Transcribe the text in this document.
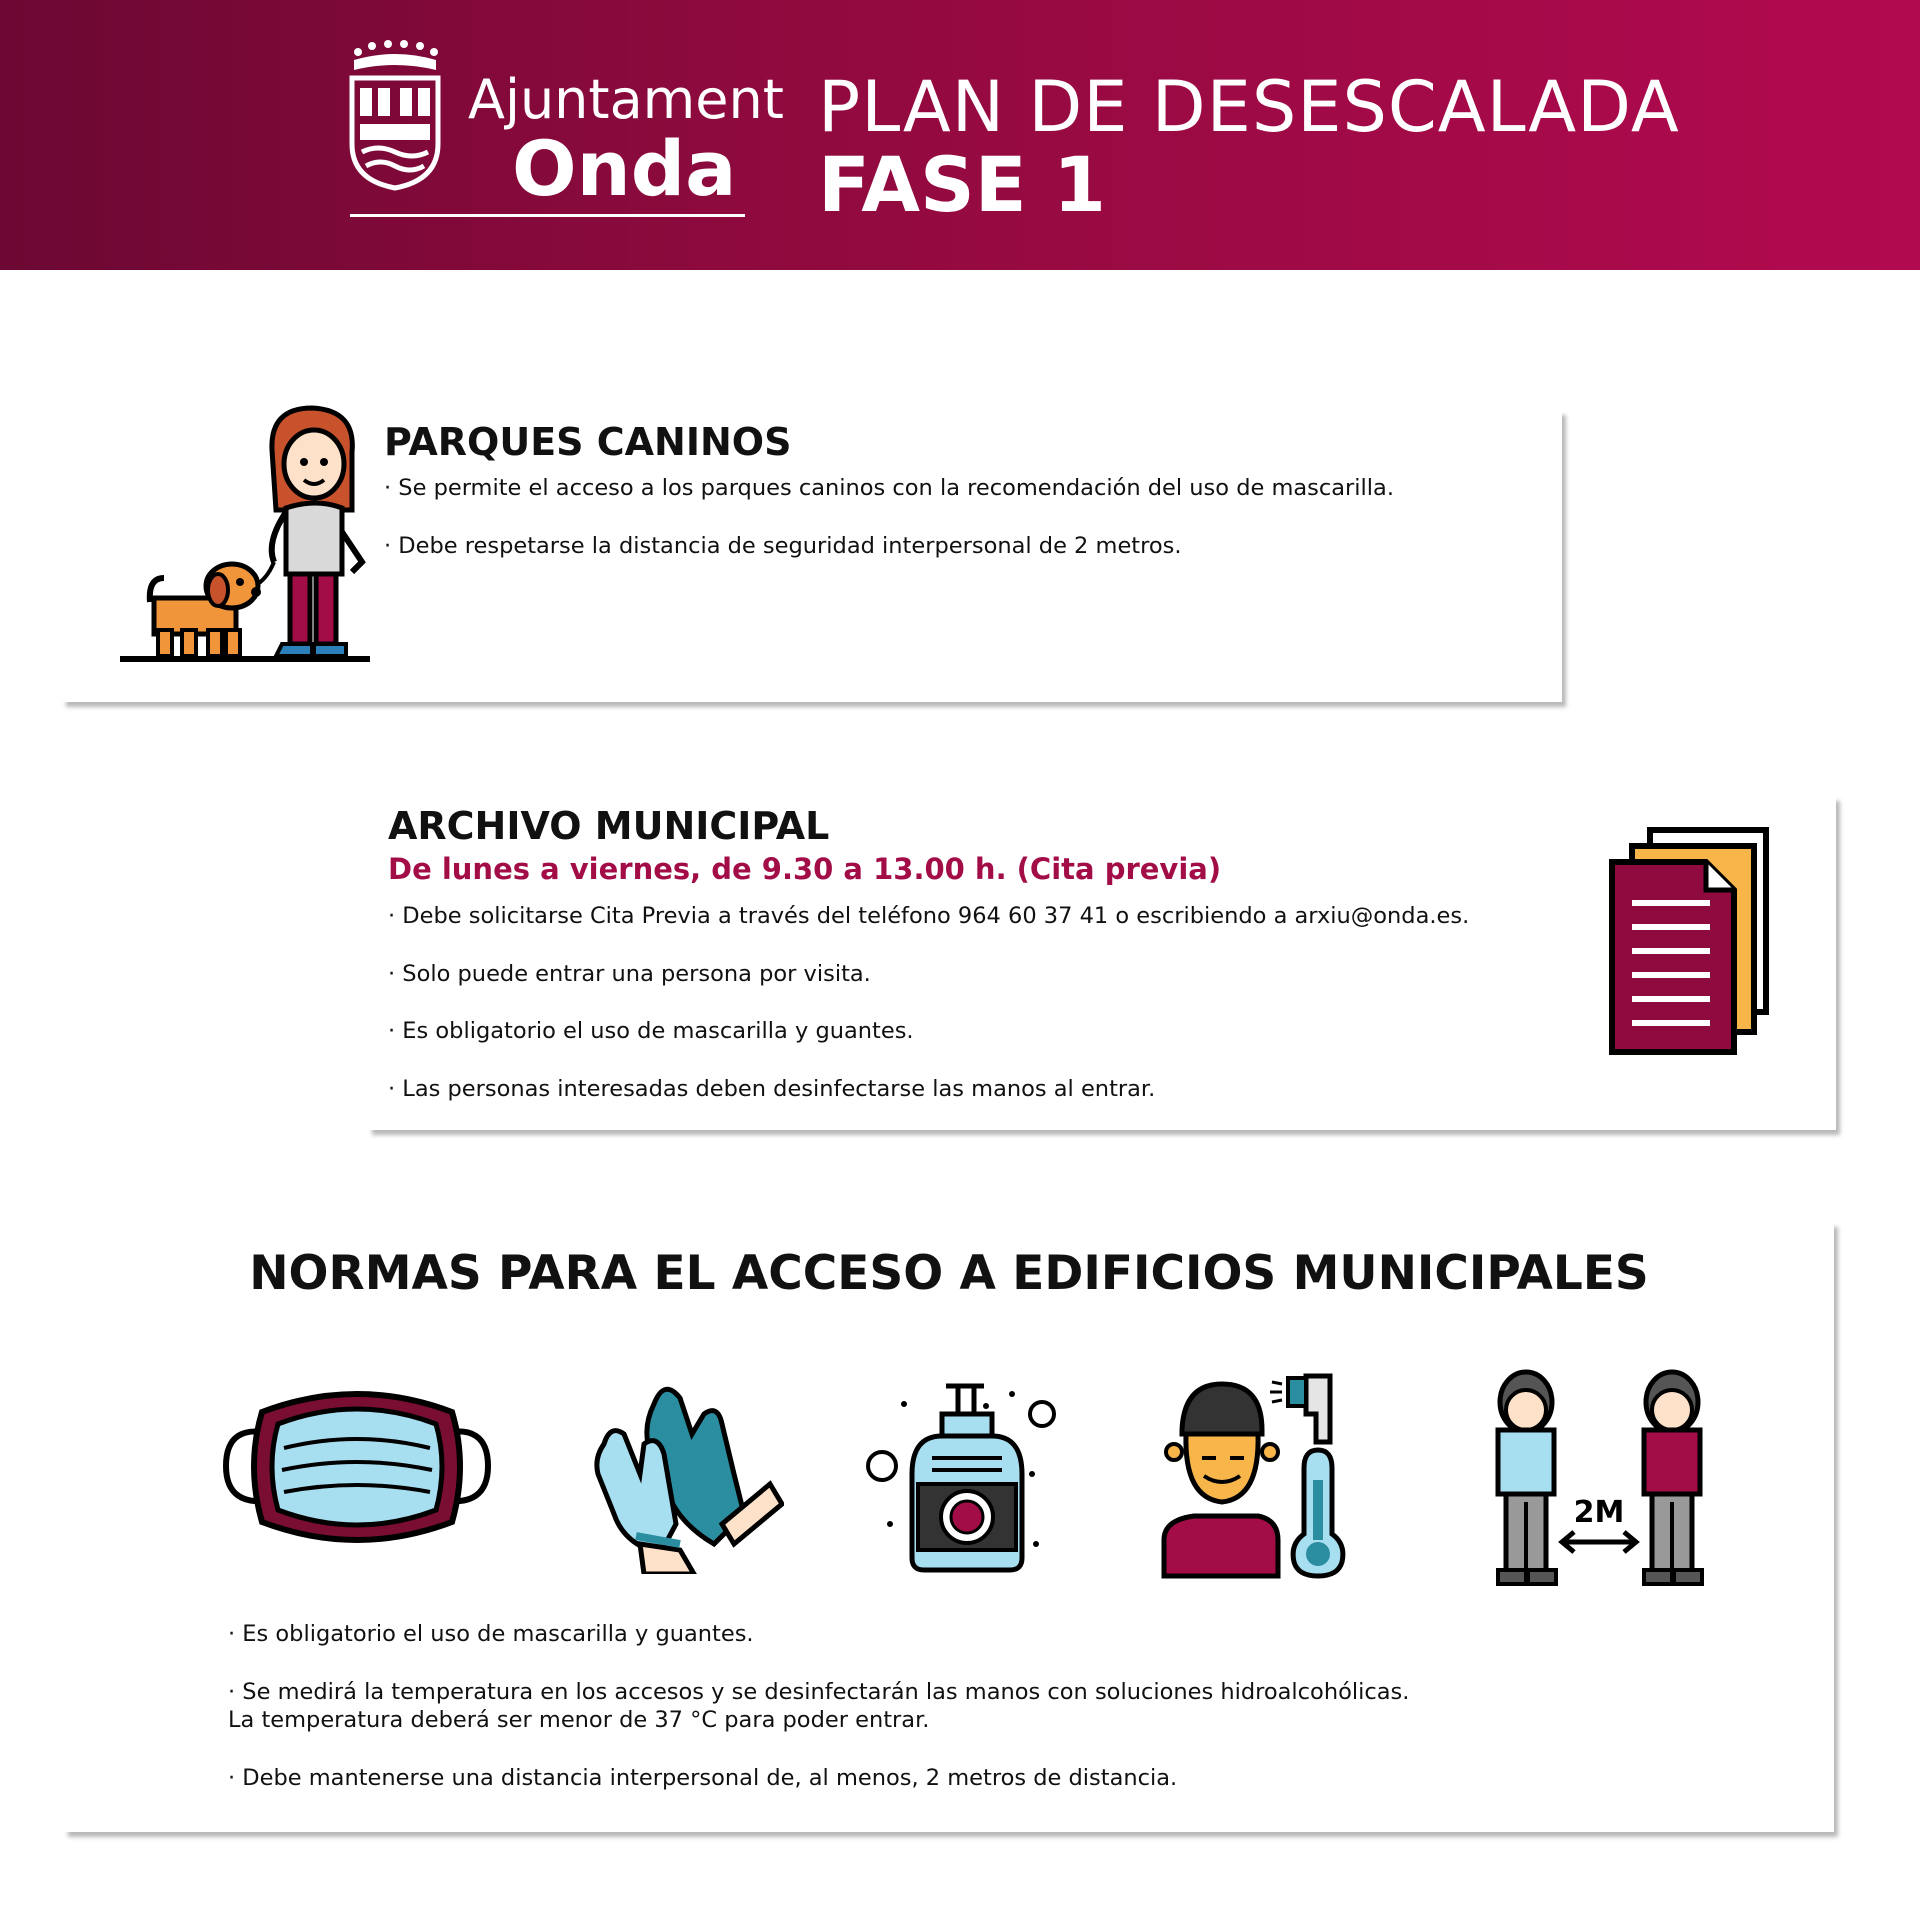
Ajuntament
Onda
PLAN DE DESESCALADA
FASE 1
PARQUES CANINOS
· Se permite el acceso a los parques caninos con la recomendación del uso de mascarilla.
· Debe respetarse la distancia de seguridad interpersonal de 2 metros.
ARCHIVO MUNICIPAL
De lunes a viernes, de 9.30 a 13.00 h. (Cita previa)
· Debe solicitarse Cita Previa a través del teléfono 964 60 37 41 o escribiendo a arxiu@onda.es.
· Solo puede entrar una persona por visita.
· Es obligatorio el uso de mascarilla y guantes.
· Las personas interesadas deben desinfectarse las manos al entrar.
NORMAS PARA EL ACCESO A EDIFICIOS MUNICIPALES
2M
· Es obligatorio el uso de mascarilla y guantes.
· Se medirá la temperatura en los accesos y se desinfectarán las manos con soluciones hidroalcohólicas.
La temperatura deberá ser menor de 37 °C para poder entrar.
· Debe mantenerse una distancia interpersonal de, al menos, 2 metros de distancia.
